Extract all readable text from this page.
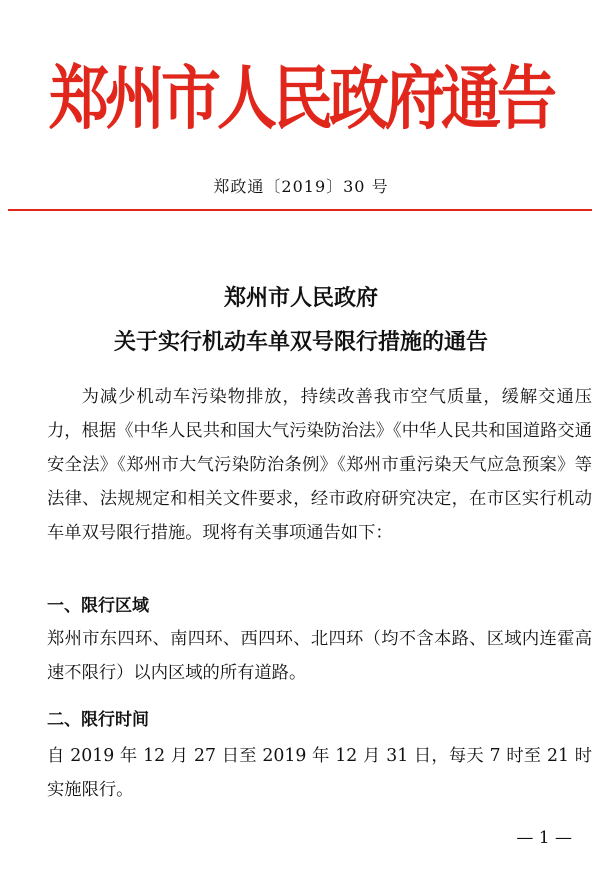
郑州市人民政府通告
郑政通〔2019〕30 号
郑州市人民政府
关于实行机动车单双号限行措施的通告
为减少机动车污染物排放，持续改善我市空气质量，缓解交通压力，根据《中华人民共和国大气污染防治法》《中华人民共和国道路交通安全法》《郑州市大气污染防治条例》《郑州市重污染天气应急预案》等法律、法规规定和相关文件要求，经市政府研究决定，在市区实行机动车单双号限行措施。现将有关事项通告如下：
一、限行区域
郑州市东四环、南四环、西四环、北四环（均不含本路、区域内连霍高速不限行）以内区域的所有道路。
二、限行时间
自 2019 年 12 月 27 日至 2019 年 12 月 31 日，每天 7 时至 21 时实施限行。
— 1 —
